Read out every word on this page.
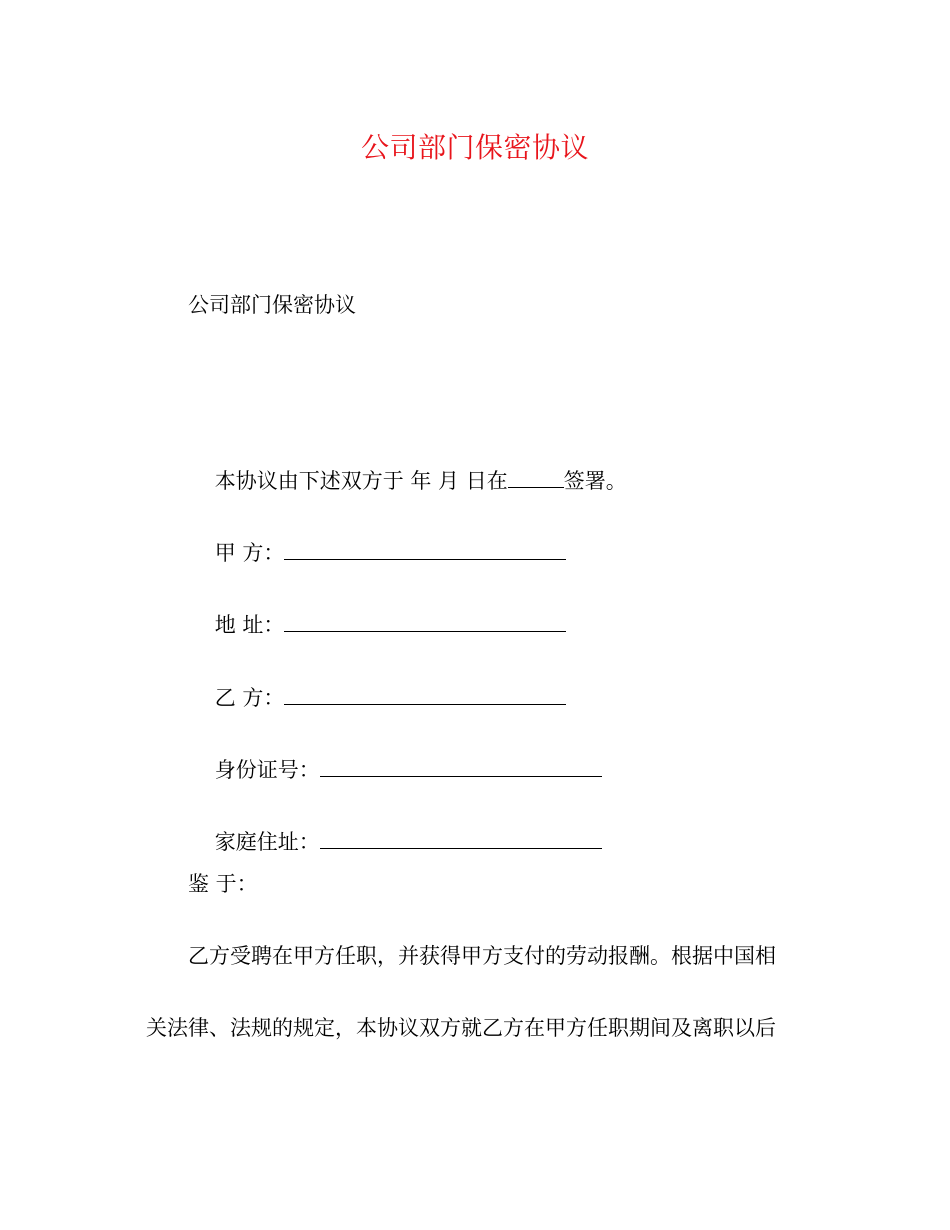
公司部门保密协议
公司部门保密协议

本协议由下述双方于 年 月 日在	签署。

甲 方：

地 址：

乙 方：

身份证号：

家庭住址：

鉴 于：
乙方受聘在甲方任职，并获得甲方支付的劳动报酬。根据中国相
关法律、法规的规定，本协议双方就乙方在甲方任职期间及离职以后
